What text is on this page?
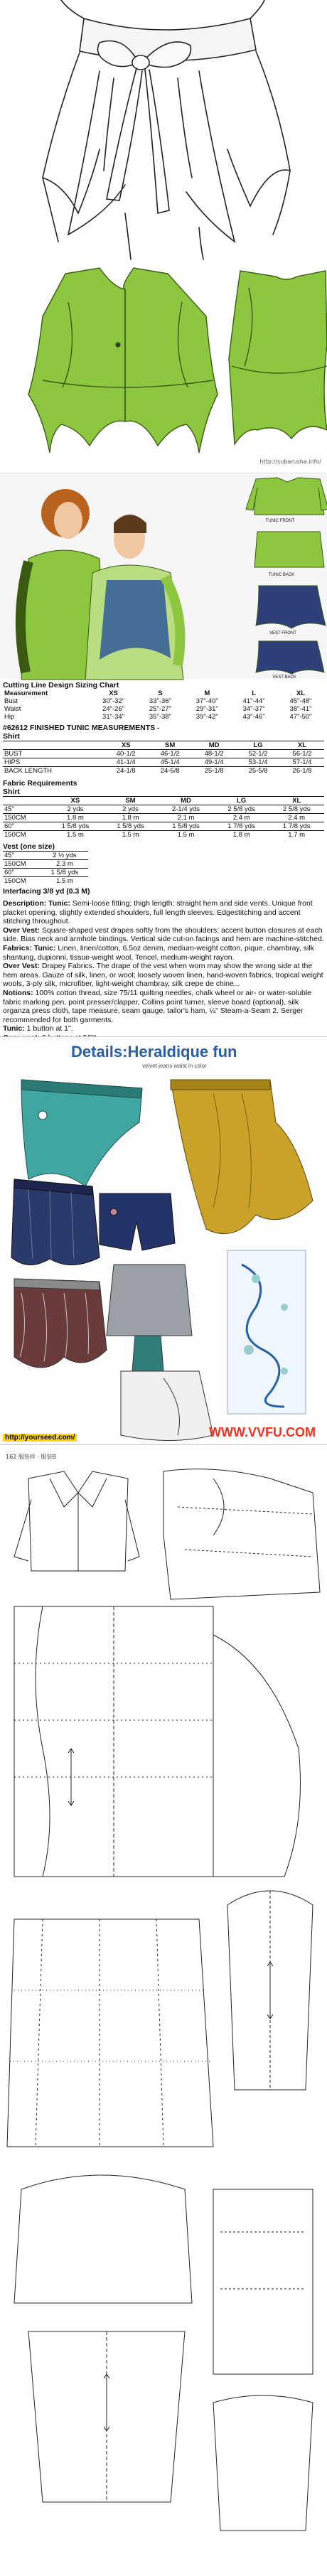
http://subarusha.info/
TUNIC FRONT
TUNIC BACK
VEST FRONT
VEST BACK
Cutting Line Design Sizing Chart
Measurement	XS	S	M	L	XL
Bust	30"-32"	33"-36"	37"-40"	41"-44"	45"-48"
Waist	24"-26"	25"-27"	29"-31"	34"-37"	38"-41"
Hip	31"-34"	35"-38"	39"-42"	43"-46"	47"-50"
#62612 FINISHED TUNIC MEASUREMENTS -
Shirt
	XS	SM	MD	LG	XL
BUST	40-1/2	46-1/2	48-1/2	52-1/2	56-1/2
HIPS	41-1/4	45-1/4	49-1/4	53-1/4	57-1/4
BACK LENGTH	24-1/8	24-5/8	25-1/8	25-5/8	26-1/8
Fabric Requirements
Shirt
	XS	SM	MD	LG	XL
45"	2 yds	2 yds	2-1/4 yds	2 5/8 yds	2 5/8 yds
150CM	1.8 m	1.8 m	2.1 m	2.4 m	2.4 m
60"	1 5/8 yds	1 5/8 yds	1 5/8 yds	1 7/8 yds	1 7/8 yds
150CM	1.5 m	1.5 m	1.5 m	1.8 m	1.7 m
Vest (one size)
45"	2 ½ yds
150CM	2.3 m
60"	1 5/8 yds
150CM	1.5 m
Interfacing 3/8 yd (0.3 M)

Description: Tunic: Semi-loose fitting; thigh length; straight hem and side vents. Unique front placket opening, slightly extended shoulders, full length sleeves. Edgestitching and accent stitching throughout.

Over Vest: Square-shaped vest drapes softly from the shoulders; accent button closures at each side. Bias neck and armhole bindings. Vertical side cut-on facings and hem are machine-stitched.

Fabrics: Tunic: Linen, linen/cotton, 6.5oz denim, medium-weight cotton, pique, chambray, silk shantung, dupionni, tissue-weight wool, Tencel, medium-weight rayon.

Over Vest: Drapey Fabrics. The drape of the vest when worn may show the wrong side at the hem areas. Gauze of silk, linen, or wool; loosely woven linen, hand-woven fabrics, tropical weight wools, 3-ply silk, microfiber, light-weight chambray, silk crepe de chine...

Notions: 100% cotton thread, size 75/11 quilting needles, chalk wheel or air- or water-soluble fabric marking pen, point presser/clapper, Collins point turner, sleeve board (optional), silk organza press cloth, tape measure, seam gauge, tailor's ham, ¼" Steam-a-Seam 2. Serger recommended for both garments.

Tunic: 1 button at 1".

Details:Heraldique fun
velvet jeans waist in color
http://yourseed.com/	WWW.VVFU.COM
162 服装样 · 服装B
